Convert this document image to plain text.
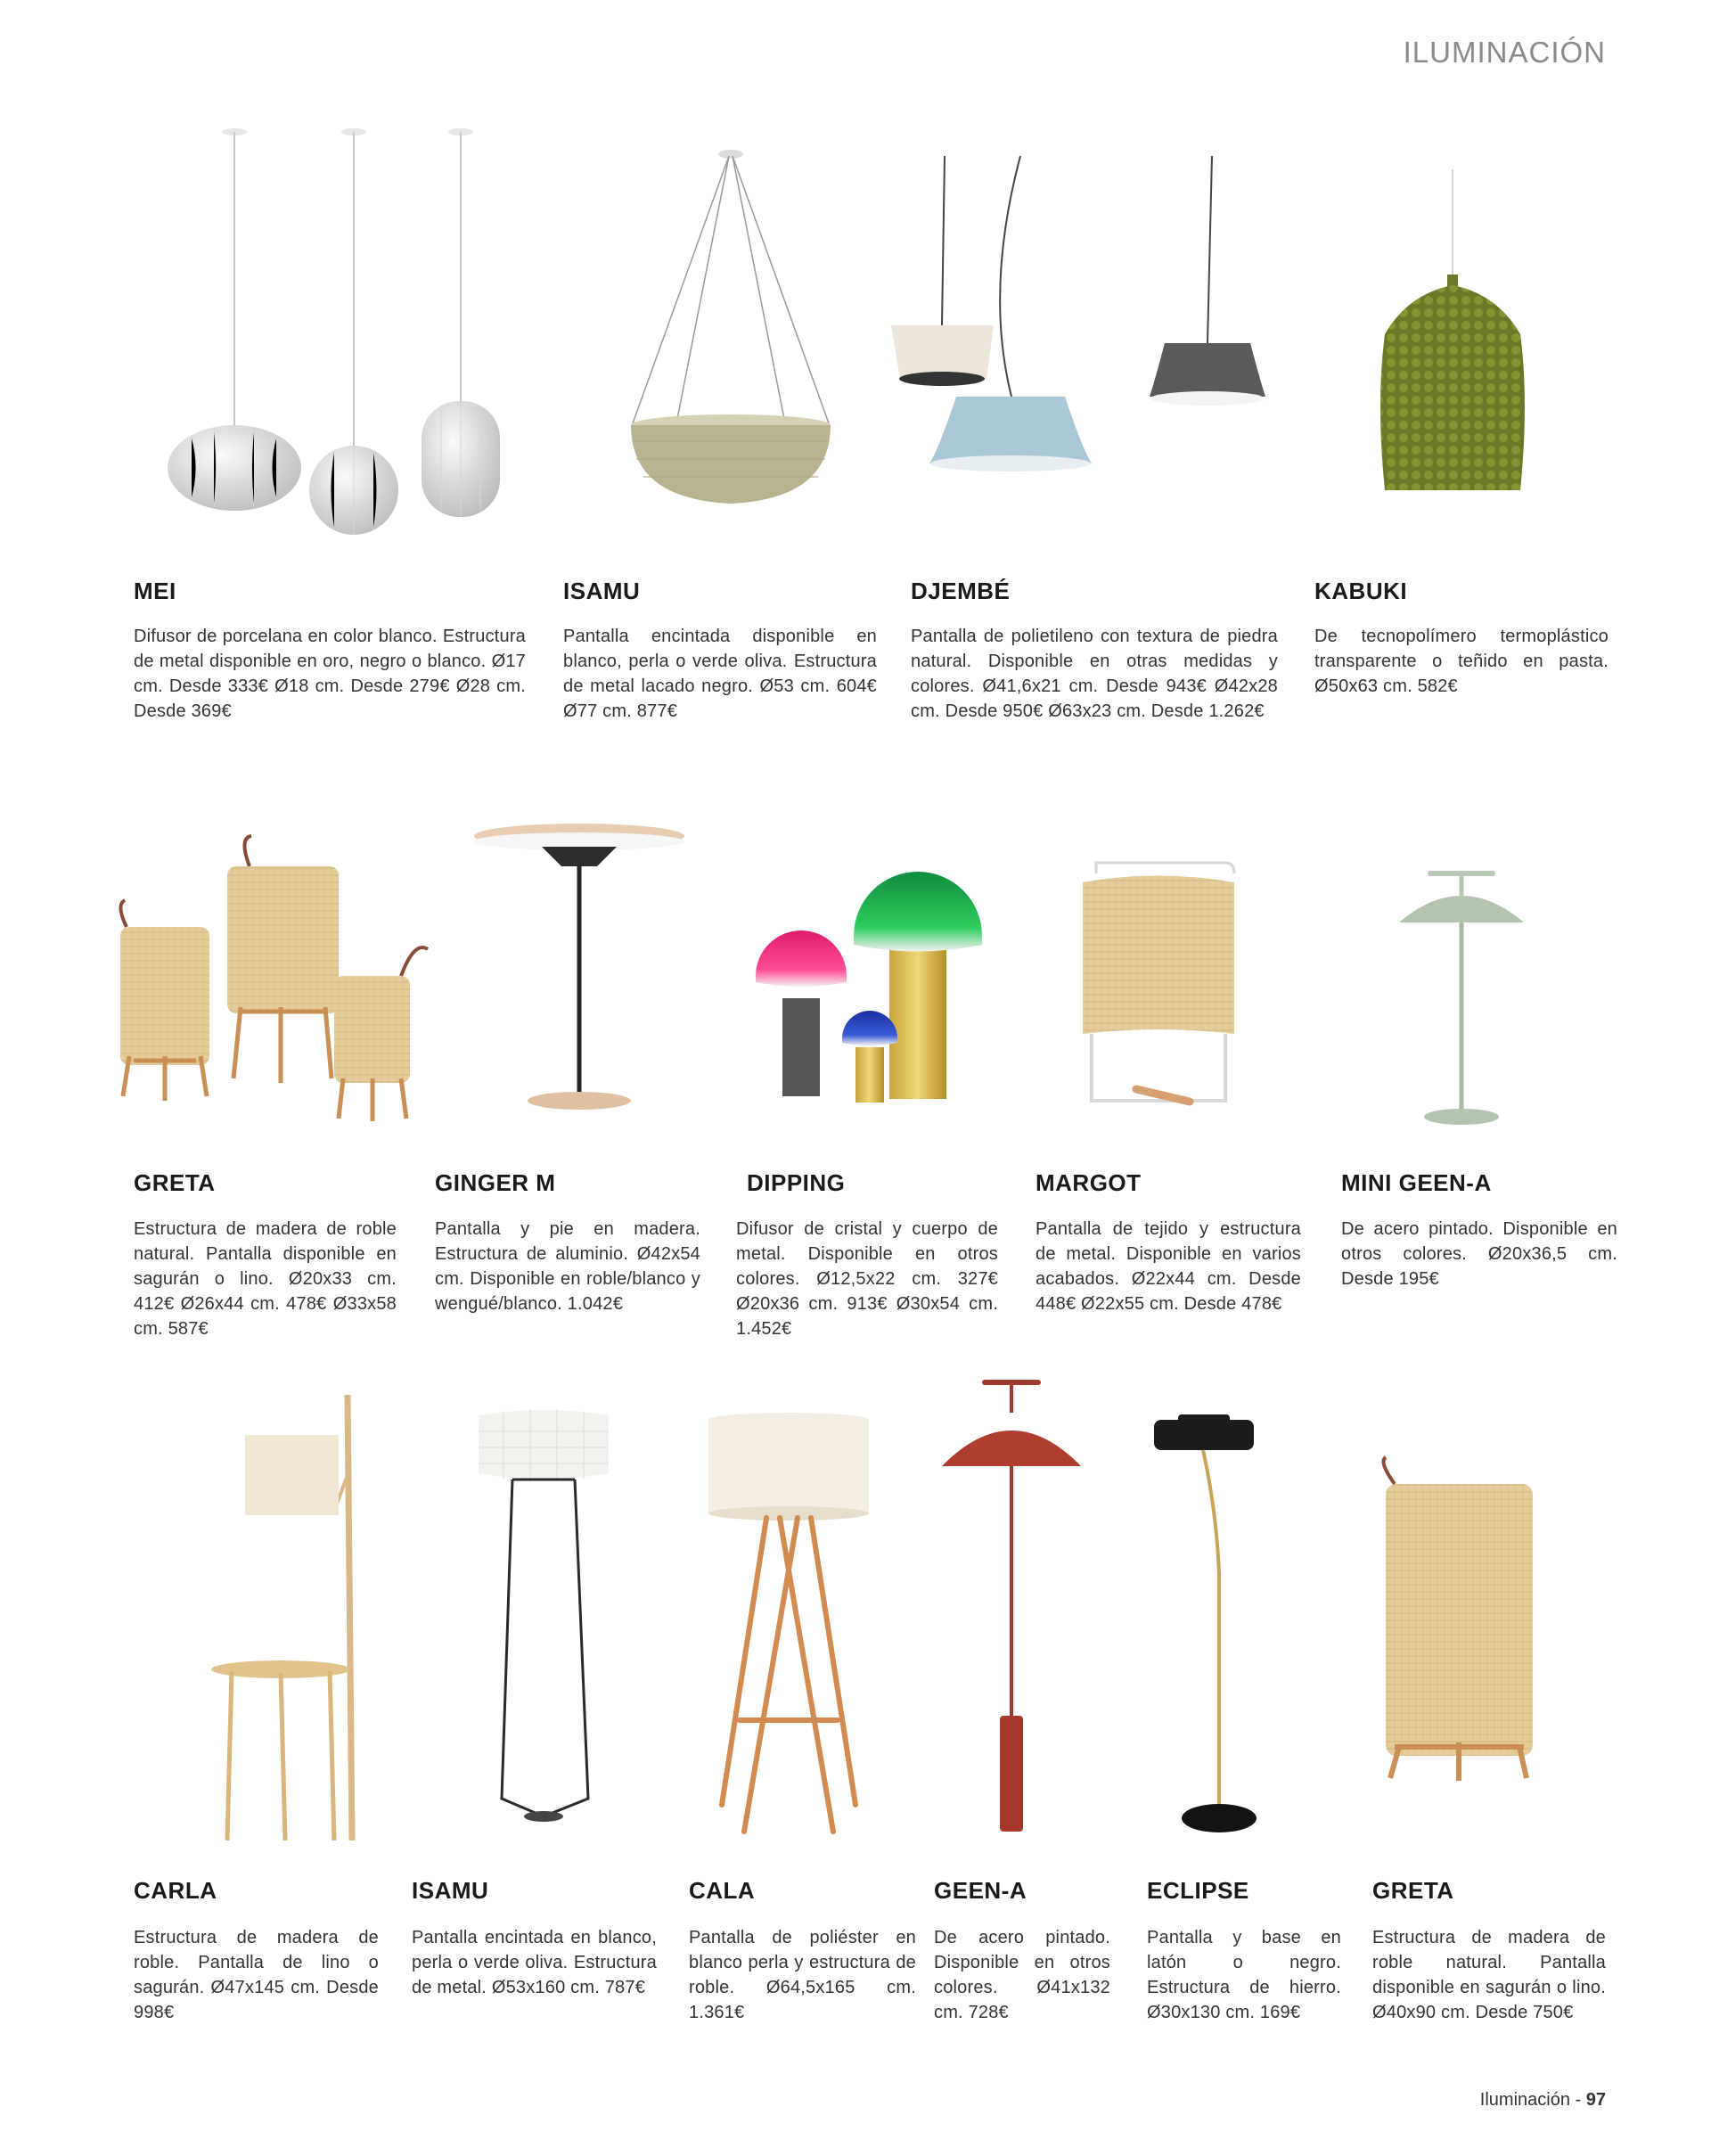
ILUMINACIÓN
MEI

Difusor de porcelana en color blanco. Estructura de metal disponible en oro, negro o blanco. Ø17 cm. Desde 333€ Ø18 cm. Desde 279€ Ø28 cm. Desde 369€

ISAMU

Pantalla encintada disponible en blanco, perla o verde oliva. Estructura de metal lacado negro. Ø53 cm. 604€ Ø77 cm. 877€

DJEMBÉ

Pantalla de polietileno con textura de piedra natural. Disponible en otras medidas y colores. Ø41,6x21 cm. Desde 943€ Ø42x28 cm. Desde 950€ Ø63x23 cm. Desde 1.262€

KABUKI

De tecnopolímero termoplástico transparente o teñido en pasta. Ø50x63 cm. 582€

GRETA

Estructura de madera de roble natural. Pantalla disponible en sagurán o lino. Ø20x33 cm. 412€ Ø26x44 cm. 478€ Ø33x58 cm. 587€

GINGER M

Pantalla y pie en madera. Estructura de aluminio. Ø42x54 cm. Disponible en roble/blanco y wengué/blanco. 1.042€

DIPPING

Difusor de cristal y cuerpo de metal. Disponible en otros colores. Ø12,5x22 cm. 327€ Ø20x36 cm. 913€ Ø30x54 cm. 1.452€

MARGOT

Pantalla de tejido y estructura de metal. Disponible en varios acabados. Ø22x44 cm. Desde 448€ Ø22x55 cm. Desde 478€

MINI GEEN-A

De acero pintado. Disponible en otros colores. Ø20x36,5 cm. Desde 195€

CARLA

Estructura de madera de roble. Pantalla de lino o sagurán. Ø47x145 cm. Desde 998€

ISAMU

Pantalla encintada en blanco, perla o verde oliva. Estructura de metal. Ø53x160 cm. 787€

CALA

Pantalla de poliéster en blanco perla y estructura de roble. Ø64,5x165 cm. 1.361€

GEEN-A

De acero pintado. Disponible en otros colores. Ø41x132 cm. 728€

ECLIPSE

Pantalla y base en latón o negro. Estructura de hierro. Ø30x130 cm. 169€

GRETA

Estructura de madera de roble natural. Pantalla disponible en sagurán o lino. Ø40x90 cm. Desde 750€

Iluminación - 97
